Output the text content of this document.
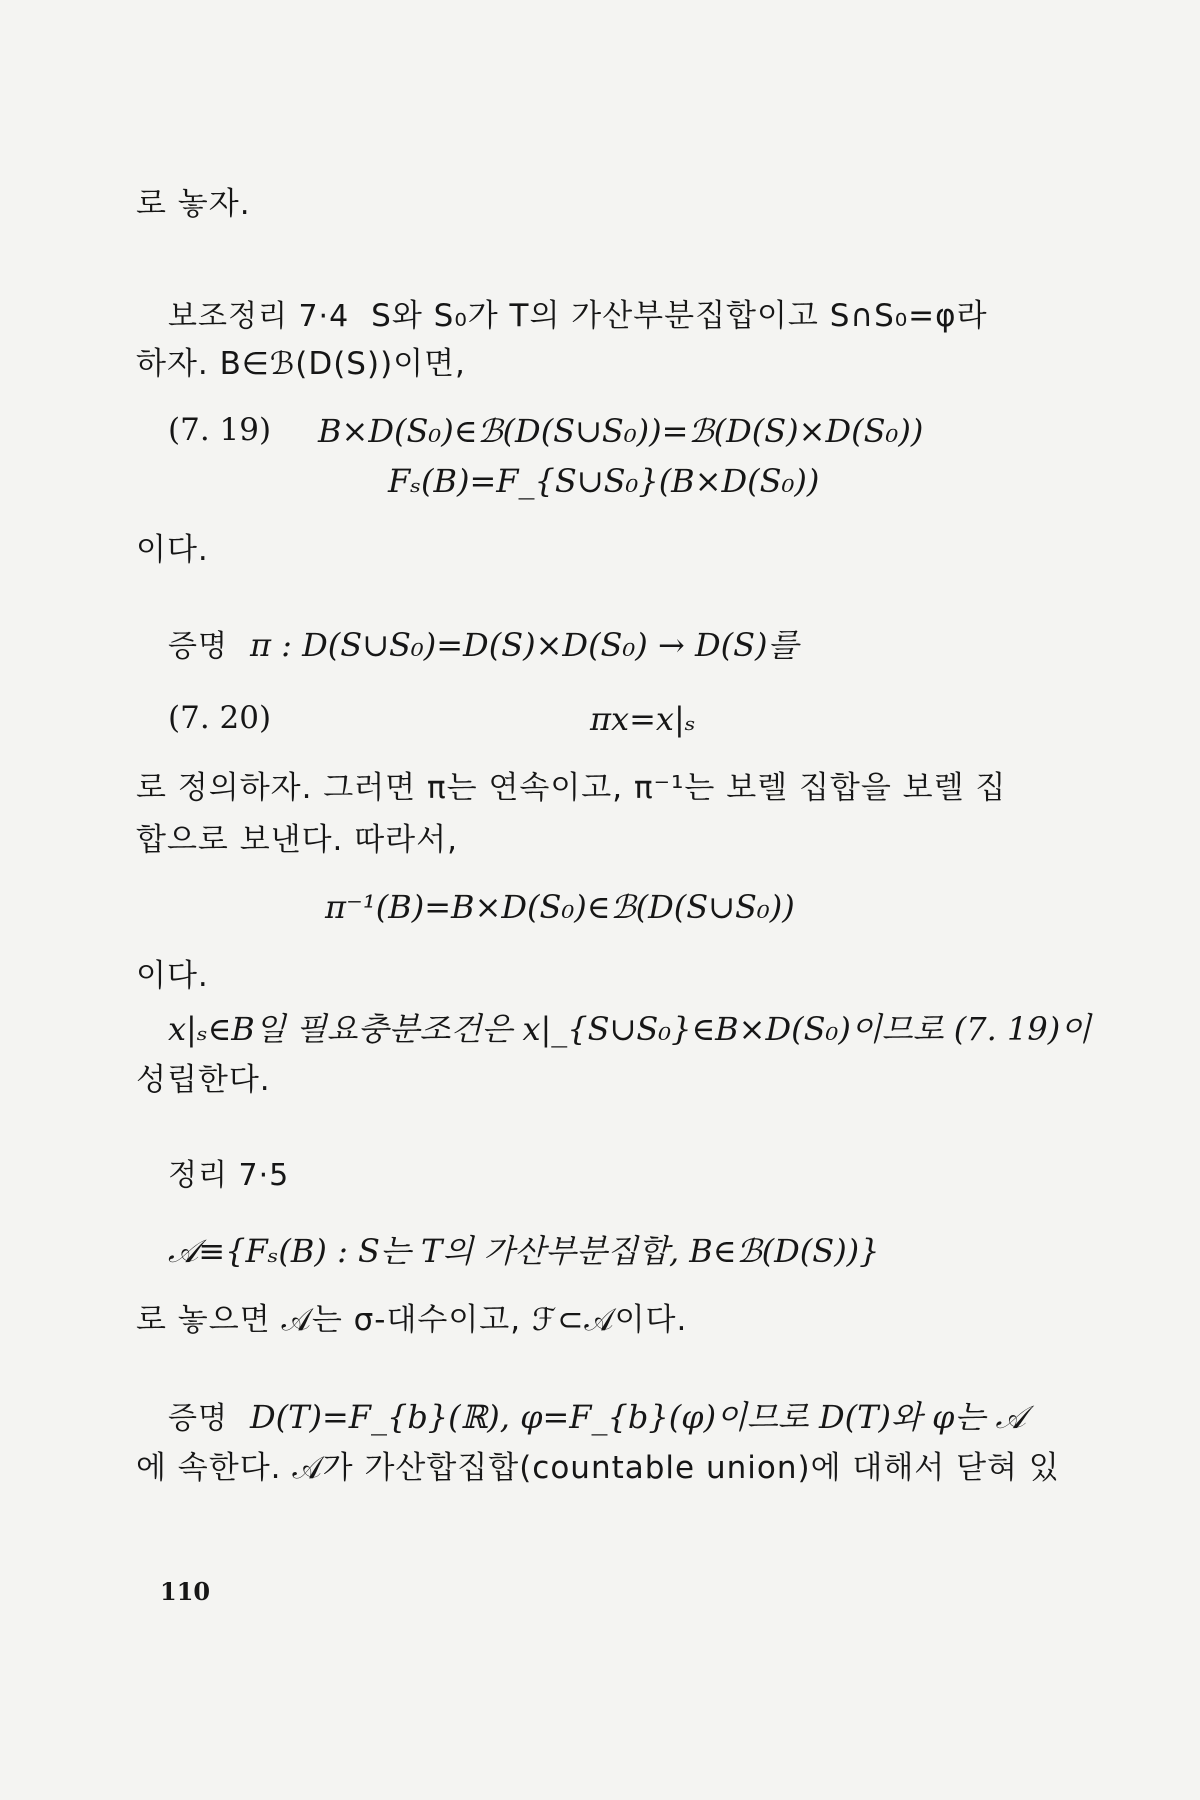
로 놓자.
보조정리 7·4 S와 S₀가 T의 가산부분집합이고 S∩S₀=φ라
하자. B∈ℬ(D(S))이면,
(7. 19) B×D(S₀)∈ℬ(D(S∪S₀))=ℬ(D(S)×D(S₀))
Fₛ(B)=F_{S∪S₀}(B×D(S₀))
이다.
증명 π : D(S∪S₀)=D(S)×D(S₀) → D(S)를
(7. 20)	πx=x|ₛ
로 정의하자. 그러면 π는 연속이고, π⁻¹는 보렐 집합을 보렐 집
합으로 보낸다. 따라서,
π⁻¹(B)=B×D(S₀)∈ℬ(D(S∪S₀))
이다.
x|ₛ∈B일 필요충분조건은 x|_{S∪S₀}∈B×D(S₀)이므로 (7. 19)이
성립한다.
정리 7·5
𝒜≡{Fₛ(B) : S는 T의 가산부분집합, B∈ℬ(D(S))}
로 놓으면 𝒜는 σ-대수이고, ℱ⊂𝒜이다.
증명 D(T)=F_{b}(ℝ), φ=F_{b}(φ)이므로 D(T)와 φ는 𝒜
에 속한다. 𝒜가 가산합집합(countable union)에 대해서 닫혀 있
110
